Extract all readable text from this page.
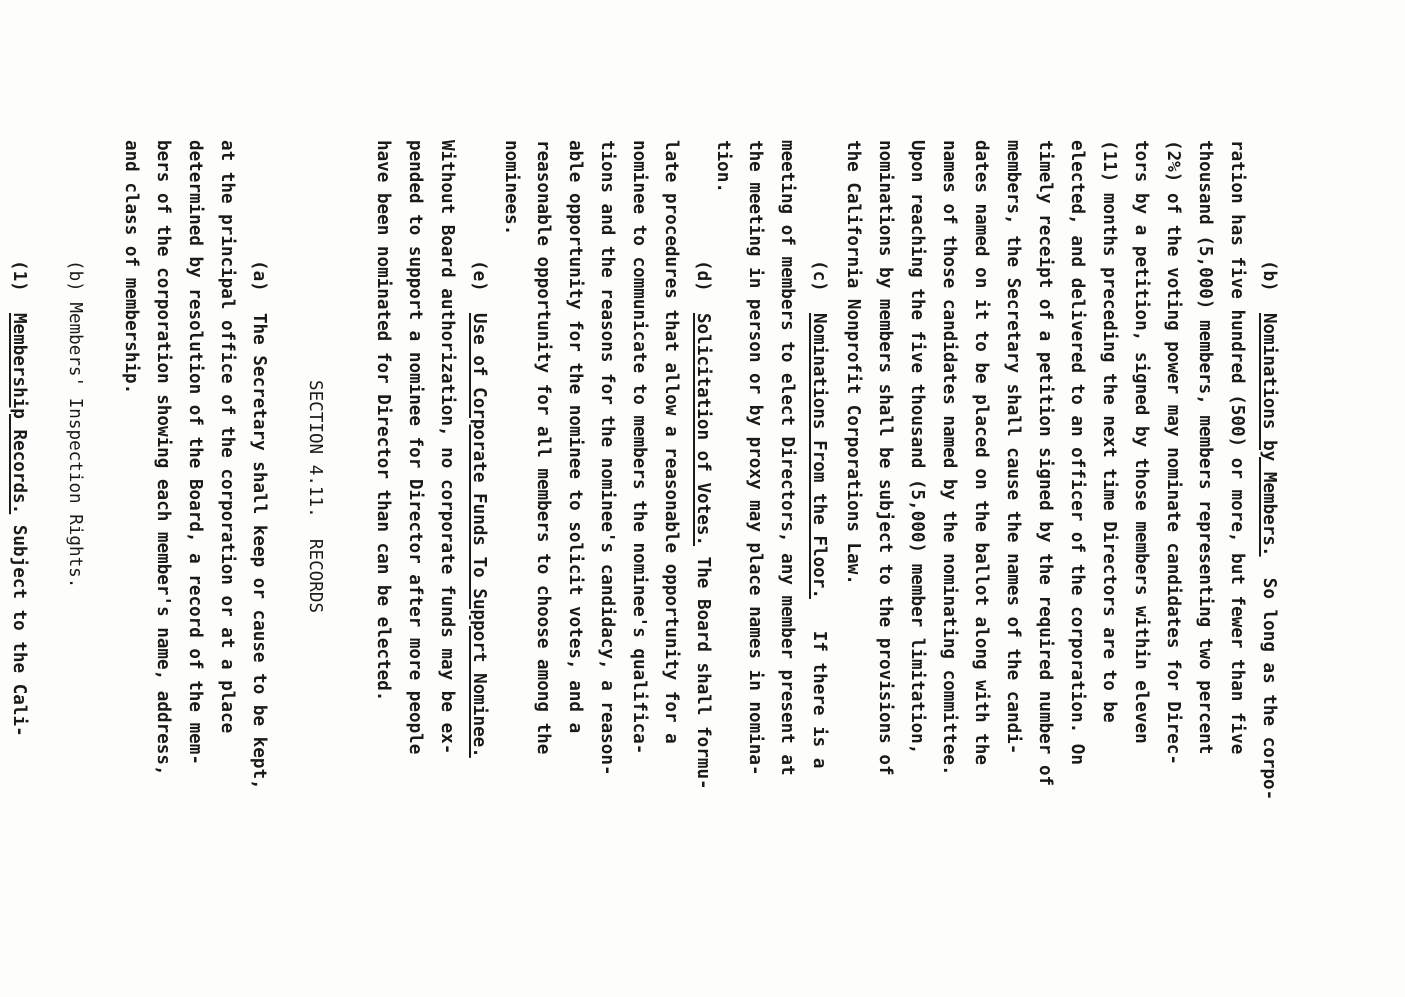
(b)  Nominations by Members.  So long as the corpo-
ration has five hundred (500) or more, but fewer than five
thousand (5,000) members, members representing two percent
(2%) of the voting power may nominate candidates for Direc-
tors by a petition, signed by those members within eleven
(11) months preceding the next time Directors are to be
elected, and delivered to an officer of the corporation. On
timely receipt of a petition signed by the required number of
members, the Secretary shall cause the names of the candi-
dates named on it to be placed on the ballot along with the
names of those candidates named by the nominating committee.
Upon reaching the five thousand (5,000) member limitation,
nominations by members shall be subject to the provisions of
the California Nonprofit Corporations Law.
(c)  Nominations From the Floor.   If there is a
meeting of members to elect Directors, any member present at
the meeting in person or by proxy may place names in nomina-
tion.
(d)  Solicitation of Votes. The Board shall formu-
late procedures that allow a reasonable opportunity for a
nominee to communicate to members the nominee's qualifica-
tions and the reasons for the nominee's candidacy, a reason-
able opportunity for the nominee to solicit votes, and a
reasonable opportunity for all members to choose among the
nominees.
(e)  Use of Corporate Funds To Support Nominee.
Without Board authorization, no corporate funds may be ex-
pended to support a nominee for Director after more people
have been nominated for Director than can be elected.
SECTION 4.11.  RECORDS
(a)  The Secretary shall keep or cause to be kept,
at the principal office of the corporation or at a place
determined by resolution of the Board, a record of the mem-
bers of the corporation showing each member's name, address,
and class of membership.
(b) Members' Inspection Rights.
(1)  Membership Records. Subject to the Cali-
